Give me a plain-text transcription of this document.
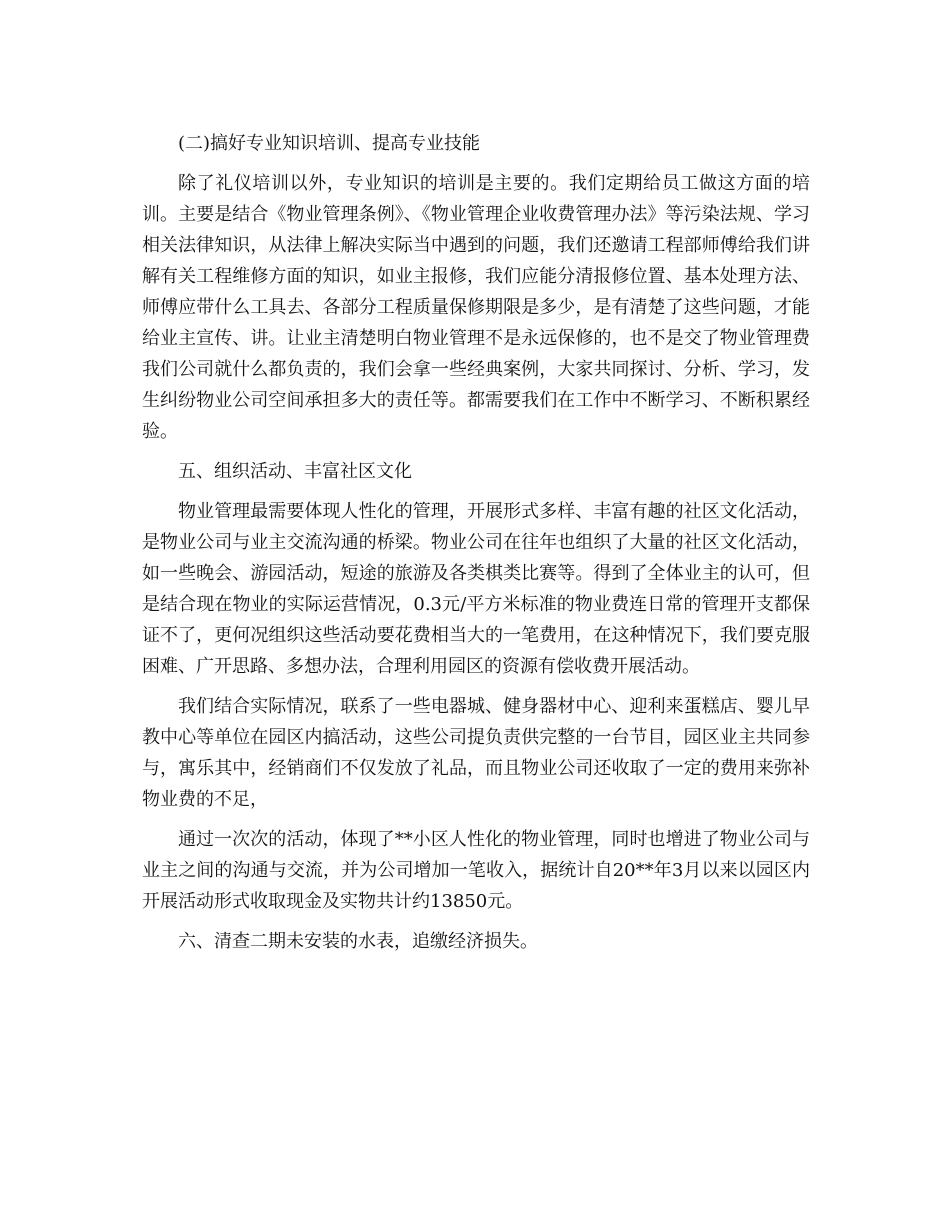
(二)搞好专业知识培训、提高专业技能

除了礼仪培训以外，专业知识的培训是主要的。我们定期给员工做这方面的培训。主要是结合《物业管理条例》、《物业管理企业收费管理办法》等污染法规、学习相关法律知识，从法律上解决实际当中遇到的问题，我们还邀请工程部师傅给我们讲解有关工程维修方面的知识，如业主报修，我们应能分清报修位置、基本处理方法、师傅应带什么工具去、各部分工程质量保修期限是多少，是有清楚了这些问题，才能给业主宣传、讲。让业主清楚明白物业管理不是永远保修的，也不是交了物业管理费我们公司就什么都负责的，我们会拿一些经典案例，大家共同探讨、分析、学习，发生纠纷物业公司空间承担多大的责任等。都需要我们在工作中不断学习、不断积累经验。

五、组织活动、丰富社区文化

物业管理最需要体现人性化的管理，开展形式多样、丰富有趣的社区文化活动，是物业公司与业主交流沟通的桥梁。物业公司在往年也组织了大量的社区文化活动，如一些晚会、游园活动，短途的旅游及各类棋类比赛等。得到了全体业主的认可，但是结合现在物业的实际运营情况，0.3元/平方米标准的物业费连日常的管理开支都保证不了，更何况组织这些活动要花费相当大的一笔费用，在这种情况下，我们要克服困难、广开思路、多想办法，合理利用园区的资源有偿收费开展活动。

我们结合实际情况，联系了一些电器城、健身器材中心、迎利来蛋糕店、婴儿早教中心等单位在园区内搞活动，这些公司提负责供完整的一台节目，园区业主共同参与，寓乐其中，经销商们不仅发放了礼品，而且物业公司还收取了一定的费用来弥补物业费的不足，

通过一次次的活动，体现了**小区人性化的物业管理，同时也增进了物业公司与业主之间的沟通与交流，并为公司增加一笔收入，据统计自20**年3月以来以园区内开展活动形式收取现金及实物共计约13850元。

六、清查二期未安装的水表，追缴经济损失。
